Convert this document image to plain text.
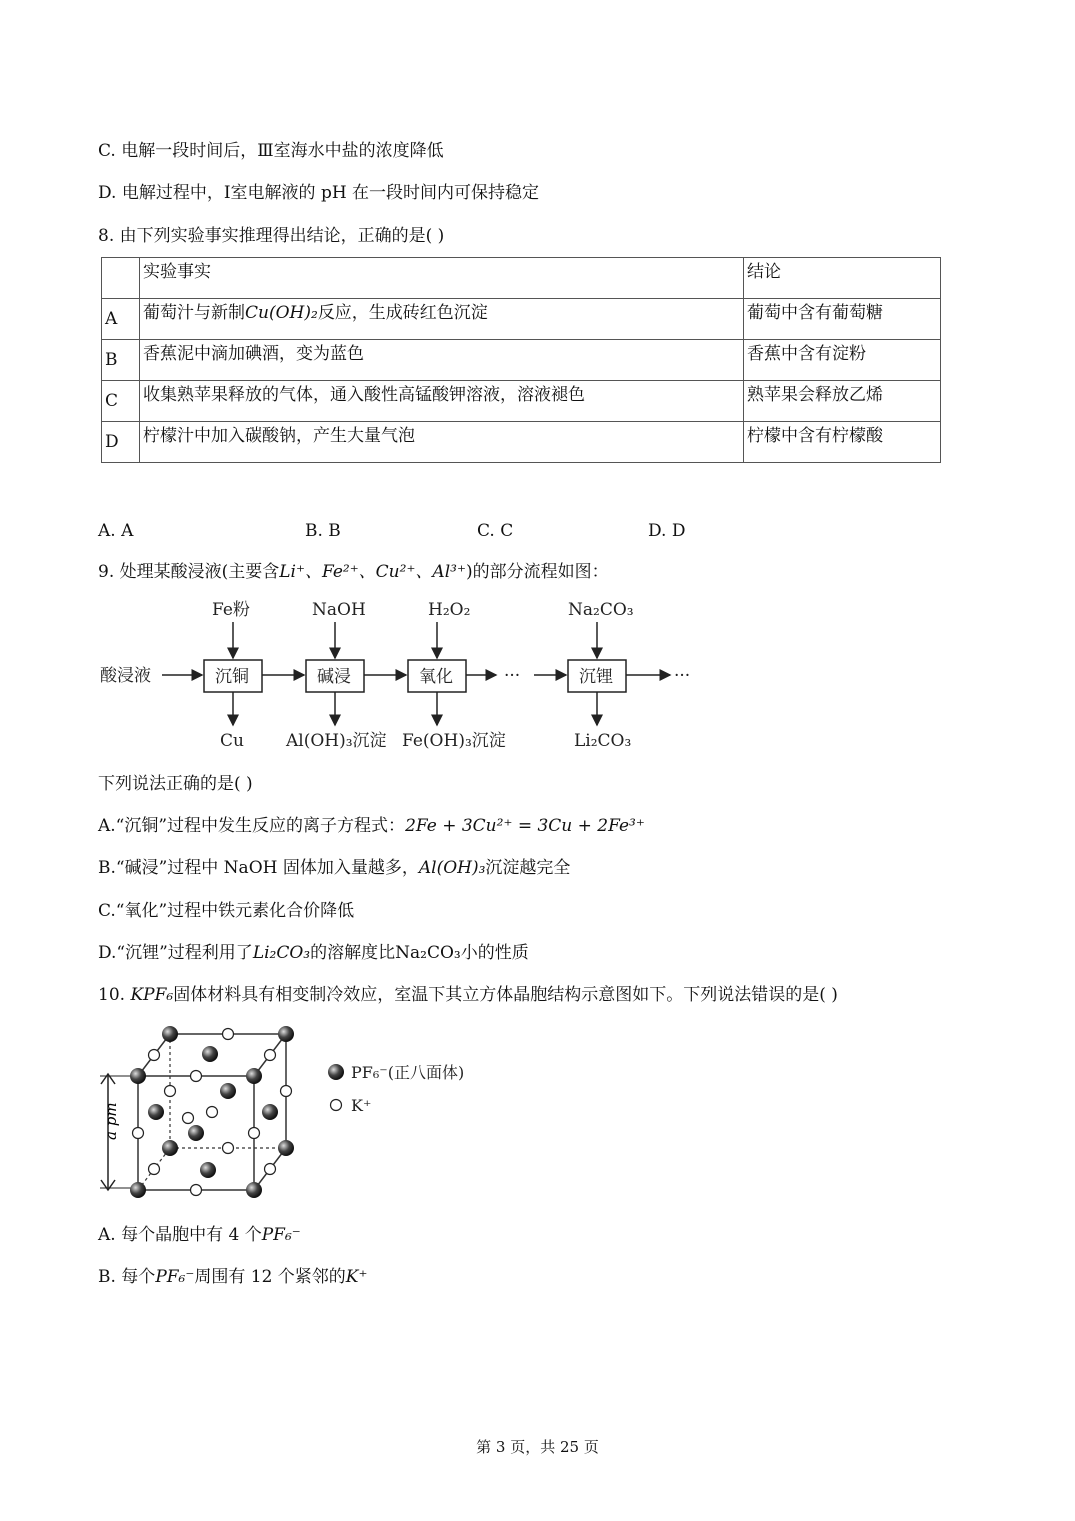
C. 电解一段时间后，Ⅲ室海水中盐的浓度降低
D. 电解过程中，Ⅰ室电解液的 pH 在一段时间内可保持稳定
8. 由下列实验事实推理得出结论，正确的是( )
	实验事实	结论
A	葡萄汁与新制Cu(OH)₂反应，生成砖红色沉淀	葡萄中含有葡萄糖
B	香蕉泥中滴加碘酒，变为蓝色	香蕉中含有淀粉
C	收集熟苹果释放的气体，通入酸性高锰酸钾溶液，溶液褪色	熟苹果会释放乙烯
D	柠檬汁中加入碳酸钠，产生大量气泡	柠檬中含有柠檬酸
A. A	B. B	C. C	D. D
9. 处理某酸浸液(主要含Li⁺、Fe²⁺、Cu²⁺、Al³⁺)的部分流程如图：
酸浸液	沉铜	碱浸	氧化	···	沉锂	···
Fe粉	NaOH	H₂O₂	Na₂CO₃
Cu Al(OH)₃沉淀 Fe(OH)₃沉淀	Li₂CO₃
下列说法正确的是( )
A.“沉铜”过程中发生反应的离子方程式：2Fe + 3Cu²⁺ = 3Cu + 2Fe³⁺
B.“碱浸”过程中 NaOH 固体加入量越多，Al(OH)₃沉淀越完全
C.“氧化”过程中铁元素化合价降低
D.“沉锂”过程利用了Li₂CO₃的溶解度比Na₂CO₃小的性质
10. KPF₆固体材料具有相变制冷效应，室温下其立方体晶胞结构示意图如下。下列说法错误的是( )
a pm
PF₆⁻(正八面体)
K⁺
A. 每个晶胞中有 4 个PF₆⁻
B. 每个PF₆⁻周围有 12 个紧邻的K⁺
第 3 页，共 25 页
